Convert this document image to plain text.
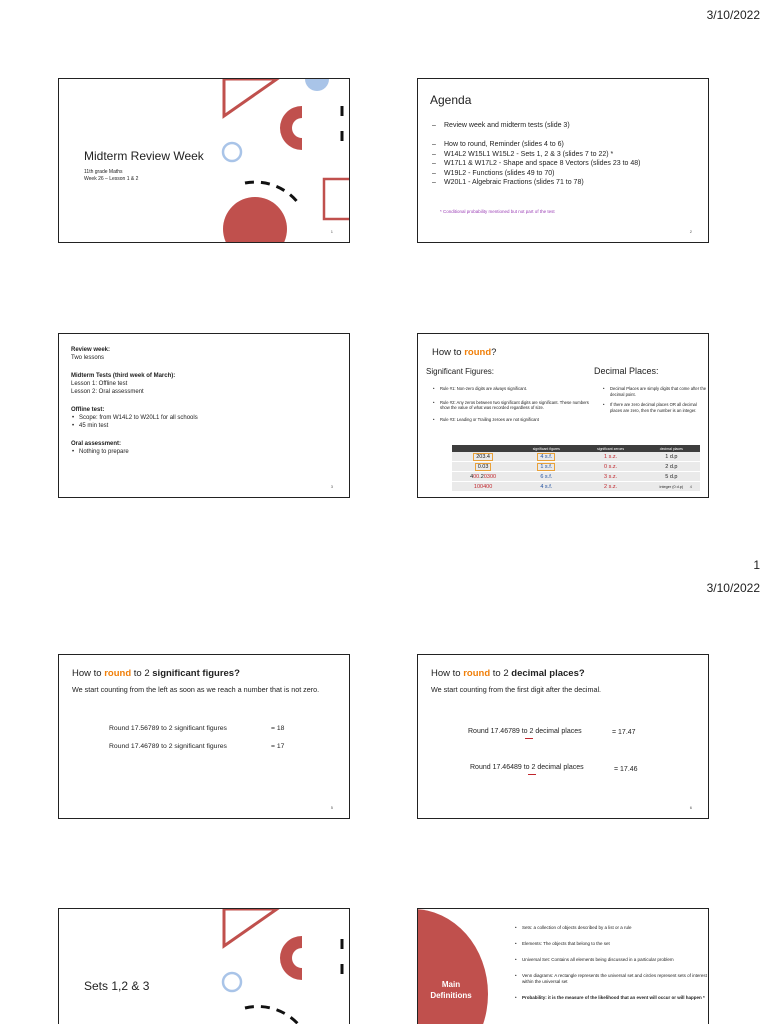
3/10/2022
Midterm Review Week
11th grade Maths
Week 26 – Lesson 1 & 2
1
Agenda
– Review week and midterm tests (slide 3)
– How to round, Reminder (slides 4 to 6)
– W14L2 W15L1 W15L2 - Sets 1, 2 & 3 (slides 7 to 22) *
– W17L1 & W17L2 - Shape and space 8 Vectors (slides 23 to 48)
– W19L2 - Functions (slides 49 to 70)
– W20L1 - Algebraic Fractions (slides 71 to 78)
* Conditional probability mentioned but not part of the test
2
Review week:
Two lessons
Midterm Tests (third week of March):
Lesson 1: Offline test
Lesson 2: Oral assessment
Offline test:
• Scope: from W14L2 to W20L1 for all schools
• 45 min test
Oral assessment:
• Nothing to prepare
3
How to round?
Significant Figures:	Decimal Places:
• Rule #1: Non-zero digits are always significant.
• Rule #2: Any zeros between two significant digits are significant. These numbers show the value of what was recorded regardless of size.
• Rule #3: Leading or Trailing zeroes are not significant
• Decimal Places are simply digits that come after the decimal point.
• If there are zero decimal places OR all decimal places are zero, then the number is an integer.
	significant figures	significant zeroes	decimal places
203.4	4 s.f.	1 s.z.	1 d.p
0.03	1 s.f.	0 s.z.	2 d.p
400.20300	6 s.f.	3 s.z.	5 d.p
100400	4 s.f.	2 s.z.	integer (0 d.p) 4
1
3/10/2022
How to round to 2 significant figures?
We start counting from the left as soon as we reach a number that is not zero.
Round 17.56789 to 2 significant figures	= 18
Round 17.46789 to 2 significant figures	= 17
5
How to round to 2 decimal places?
We start counting from the first digit after the decimal.
Round 17.46789 to 2 decimal places	= 17.47
Round 17.46489 to 2 decimal places	= 17.46
6
Sets 1,2 & 3	Main Definitions
• Sets: a collection of objects described by a list or a rule
• Elements: The objects that belong to the set
• Universal Set: Contains all elements being discussed in a particular problem
• Venn diagrams: A rectangle represents the universal set and circles represent sets of interest within the universal set
• Probability: it is the measure of the likelihood that an event will occur or will happen *
